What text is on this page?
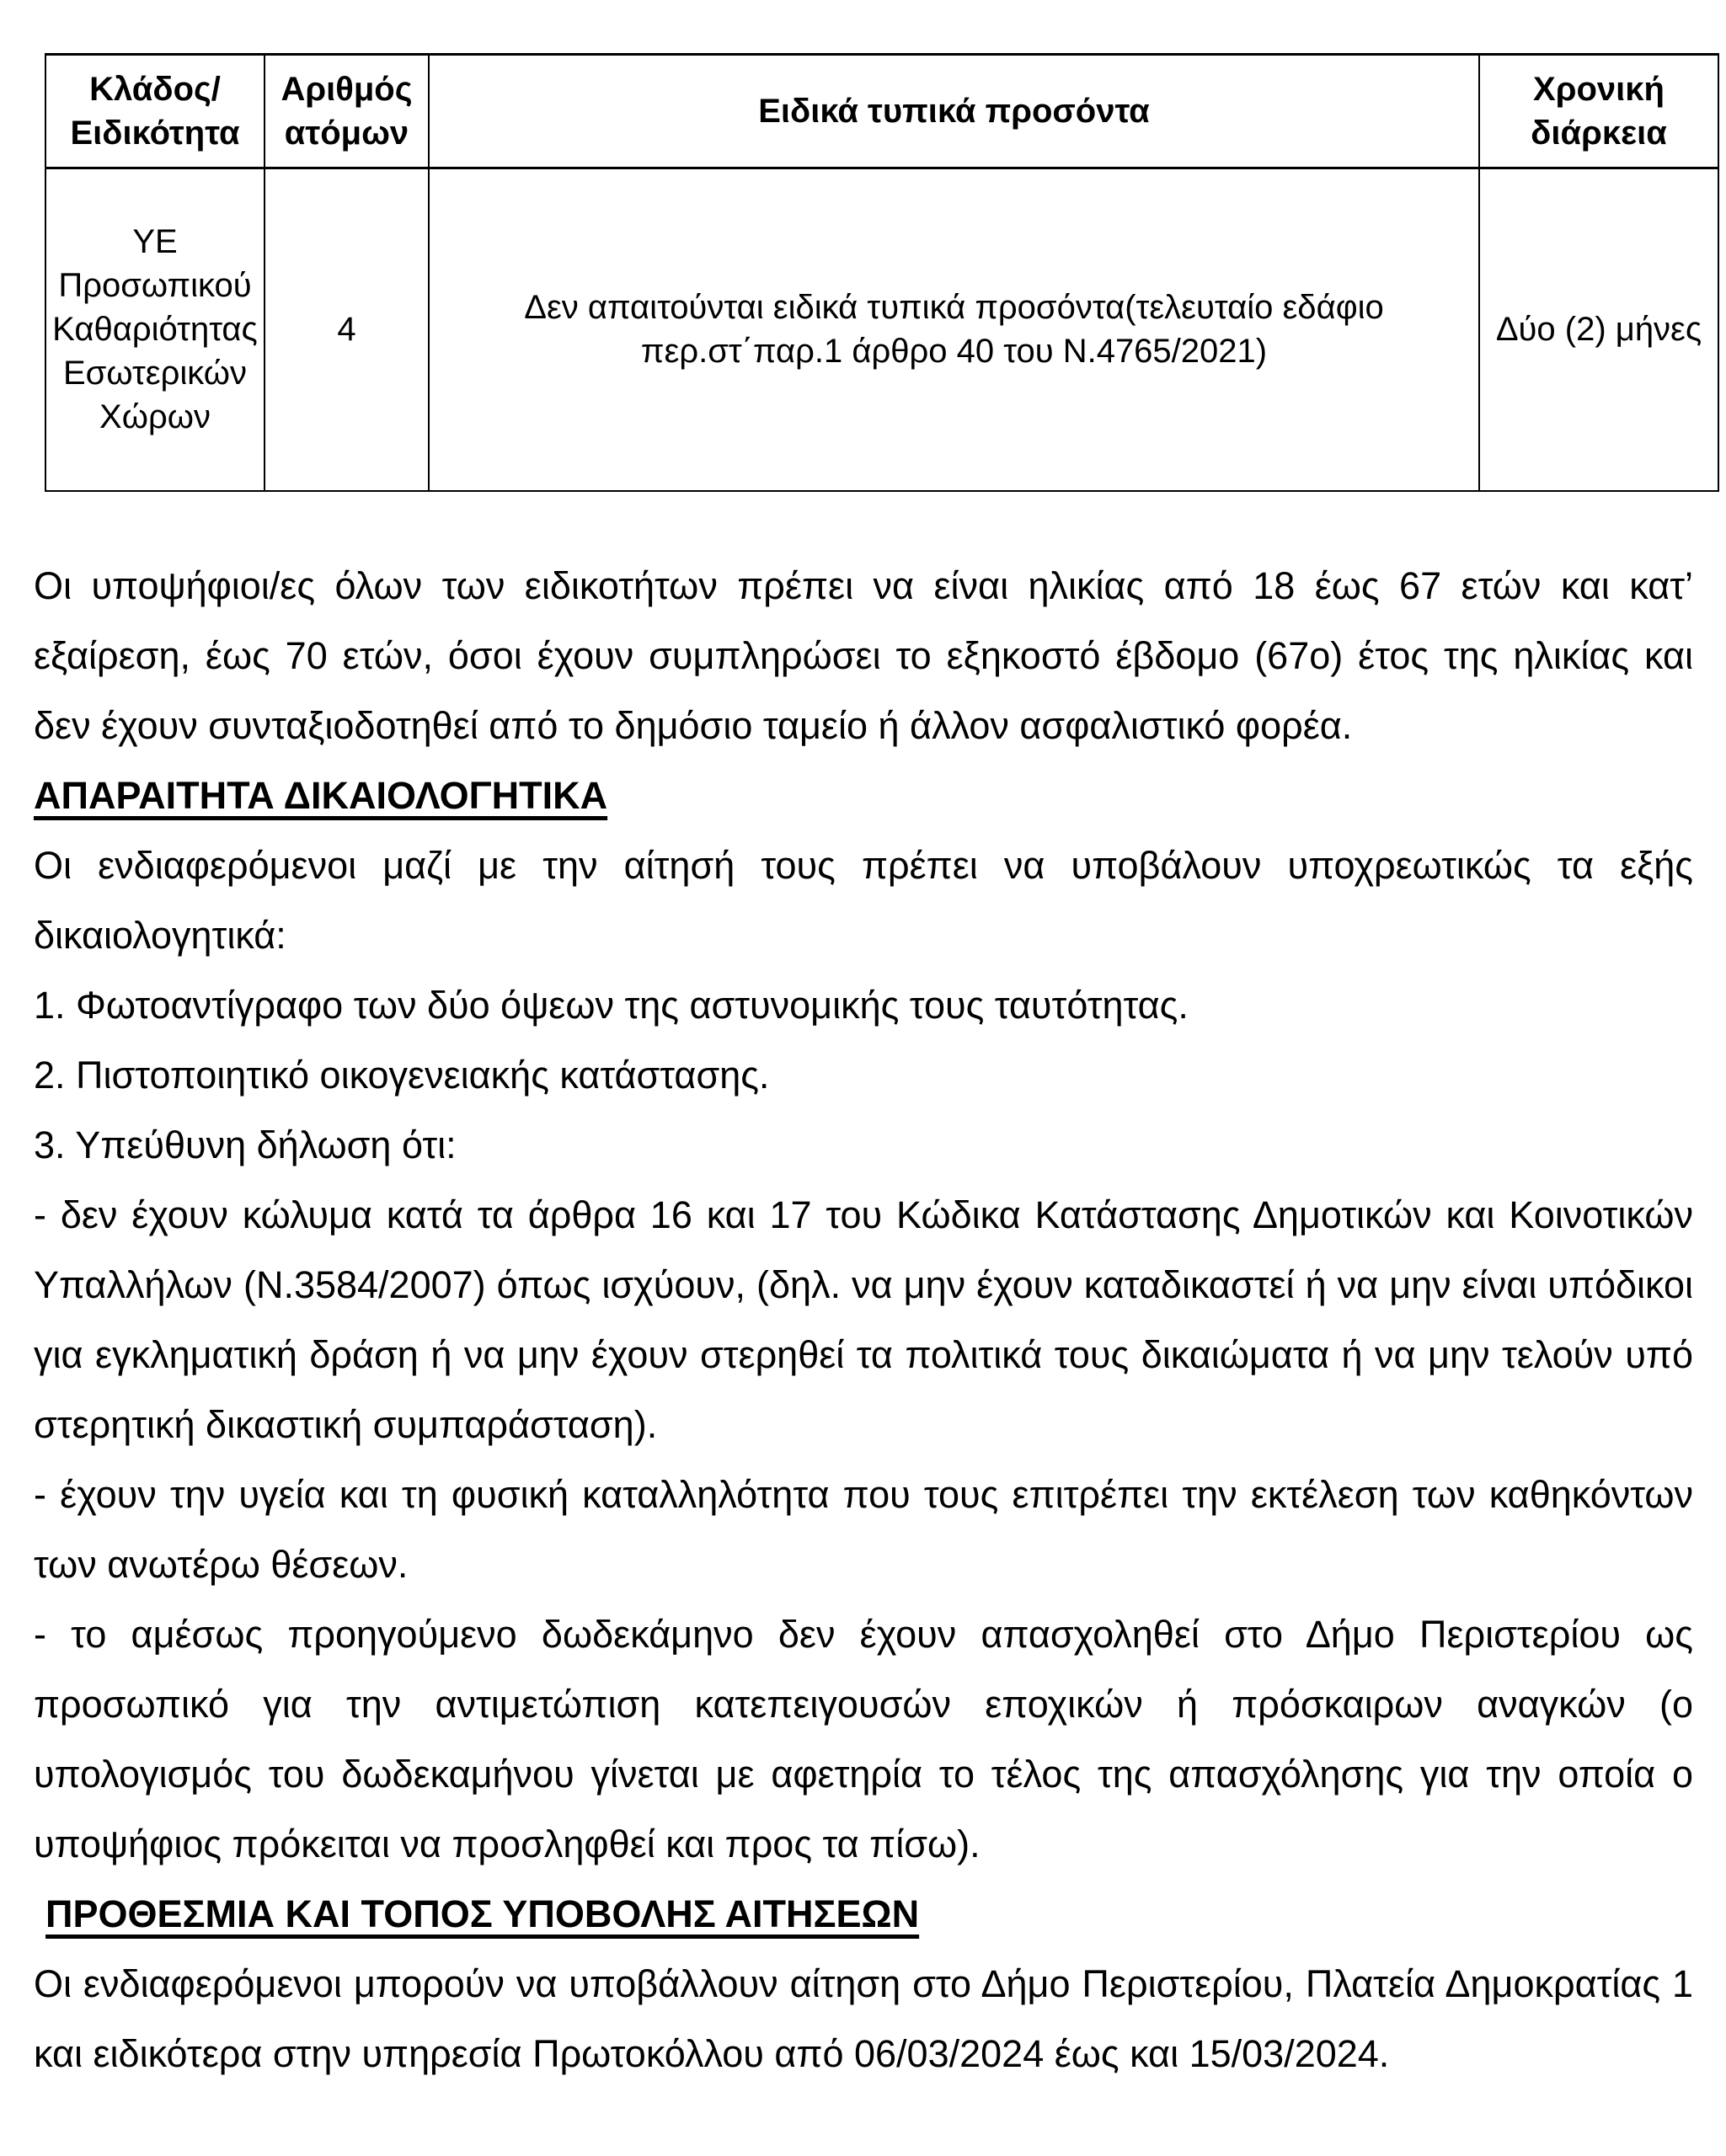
Κλάδος/ Ειδικότητα	Αριθμός ατόμων	Ειδικά τυπικά προσόντα	Χρονική διάρκεια
ΥΕ Προσωπικού Καθαριότητας Εσωτερικών Χώρων	4	Δεν απαιτούνται ειδικά τυπικά προσόντα(τελευταίο εδάφιο περ.στ΄παρ.1 άρθρο 40 του Ν.4765/2021)	Δύο (2) μήνες

Οι υποψήφιοι/ες όλων των ειδικοτήτων πρέπει να είναι ηλικίας από 18 έως 67 ετών και κατ’ εξαίρεση, έως 70 ετών, όσοι έχουν συμπληρώσει το εξηκοστό έβδομο (67ο) έτος της ηλικίας και δεν έχουν συνταξιοδοτηθεί από το δημόσιο ταμείο ή άλλον ασφαλιστικό φορέα.

ΑΠΑΡΑΙΤΗΤΑ ΔΙΚΑΙΟΛΟΓΗΤΙΚΑ

Οι ενδιαφερόμενοι μαζί με την αίτησή τους πρέπει να υποβάλουν υποχρεωτικώς τα εξής δικαιολογητικά:

1. Φωτοαντίγραφο των δύο όψεων της αστυνομικής τους ταυτότητας.

2. Πιστοποιητικό οικογενειακής κατάστασης.

3. Υπεύθυνη δήλωση ότι:

- δεν έχουν κώλυμα κατά τα άρθρα 16 και 17 του Κώδικα Κατάστασης Δημοτικών και Κοινοτικών Υπαλλήλων (Ν.3584/2007) όπως ισχύουν, (δηλ. να μην έχουν καταδικαστεί ή να μην είναι υπόδικοι για εγκληματική δράση ή να μην έχουν στερηθεί τα πολιτικά τους δικαιώματα ή να μην τελούν υπό στερητική δικαστική συμπαράσταση).

- έχουν την υγεία και τη φυσική καταλληλότητα που τους επιτρέπει την εκτέλεση των καθηκόντων των ανωτέρω θέσεων.

- το αμέσως προηγούμενο δωδεκάμηνο δεν έχουν απασχοληθεί στο Δήμο Περιστερίου ως προσωπικό για την αντιμετώπιση κατεπειγουσών εποχικών ή πρόσκαιρων αναγκών (ο υπολογισμός του δωδεκαμήνου γίνεται με αφετηρία το τέλος της απασχόλησης για την οποία ο υποψήφιος πρόκειται να προσληφθεί και προς τα πίσω).

ΠΡΟΘΕΣΜΙΑ ΚΑΙ ΤΟΠΟΣ ΥΠΟΒΟΛΗΣ ΑΙΤΗΣΕΩΝ

Οι ενδιαφερόμενοι μπορούν να υποβάλλουν αίτηση στο Δήμο Περιστερίου, Πλατεία Δημοκρατίας 1 και ειδικότερα στην υπηρεσία Πρωτοκόλλου από 06/03/2024 έως και 15/03/2024.
